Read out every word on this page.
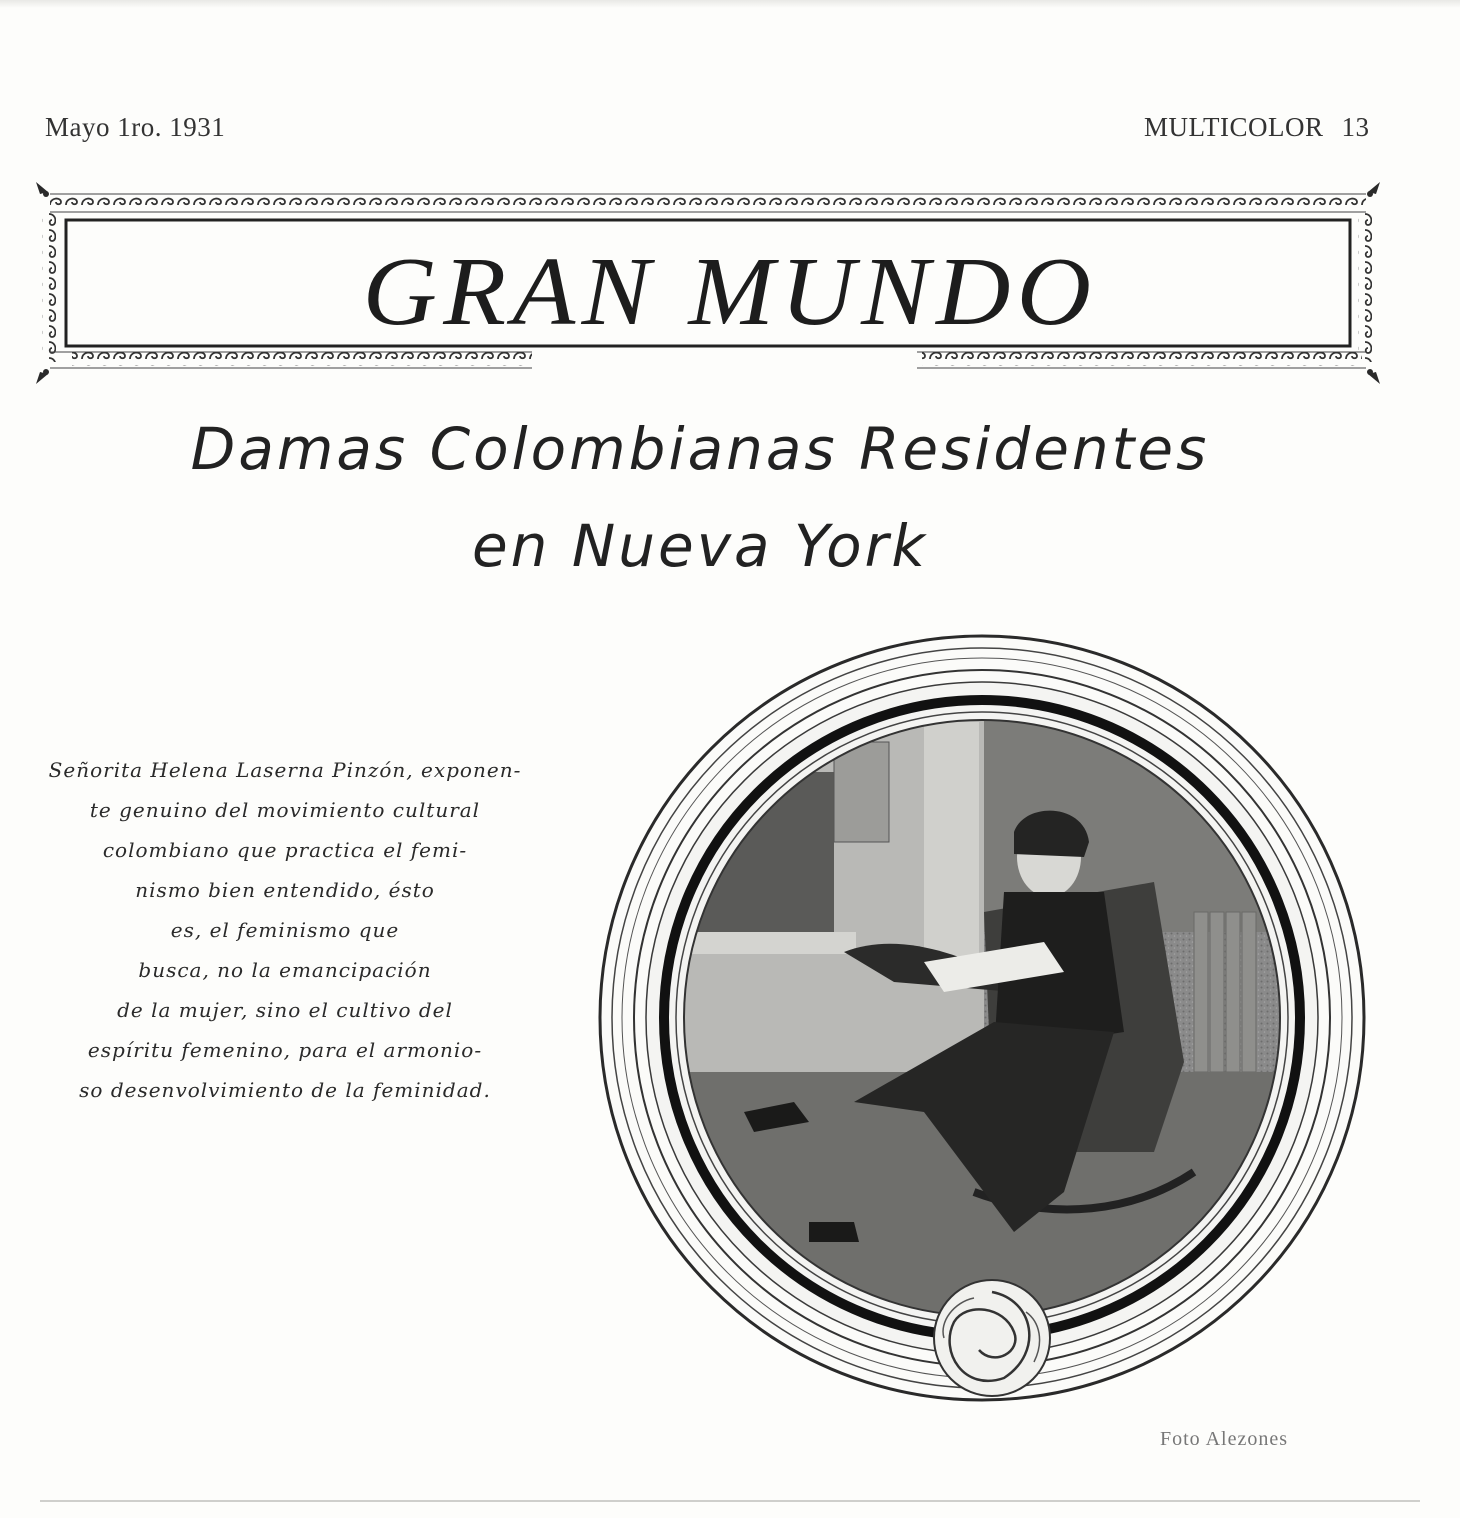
Mayo 1ro. 1931	MULTICOLOR 13
GRAN MUNDO
Damas Colombianas Residentes
en Nueva York
Señorita Helena Laserna Pinzón, exponen-
te genuino del movimiento cultural
colombiano que practica el femi-
nismo bien entendido, ésto
es, el feminismo que
busca, no la emancipación
de la mujer, sino el cultivo del
espíritu femenino, para el armonio-
so desenvolvimiento de la feminidad.
Foto Alezones
